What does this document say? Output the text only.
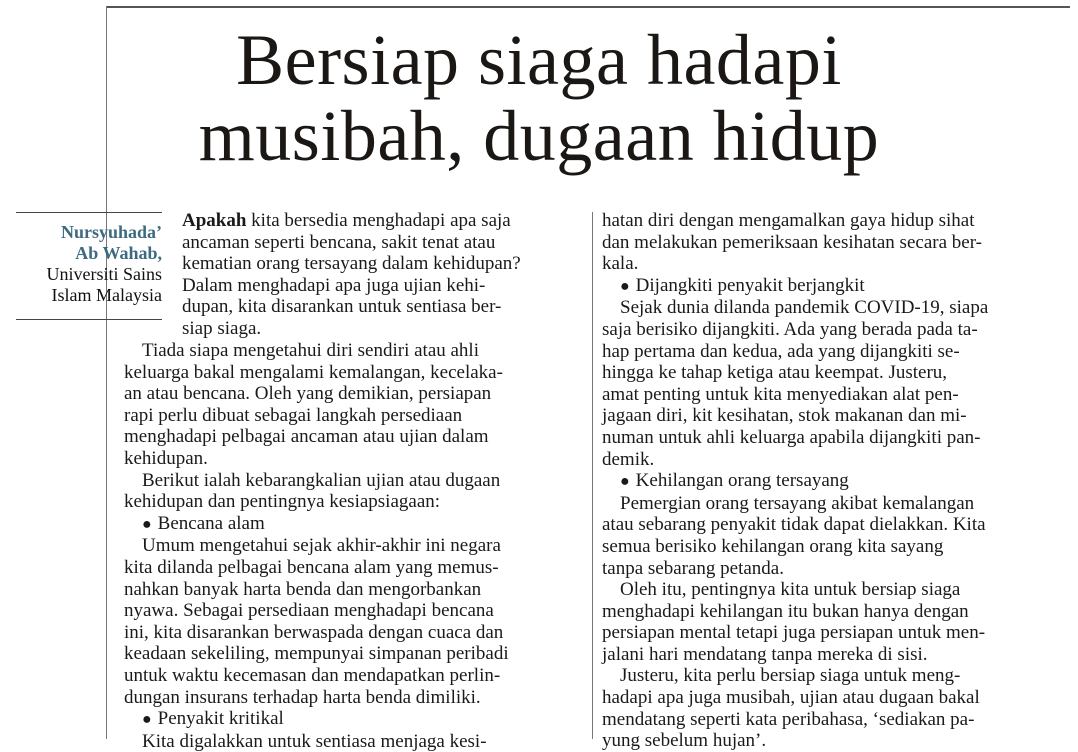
Bersiap siaga hadapi
musibah, dugaan hidup
Nursyuhada’
Ab Wahab,
Universiti Sains
Islam Malaysia

Apakah kita bersedia menghadapi apa saja

ancaman seperti bencana, sakit tenat atau

kematian orang tersayang dalam kehidupan?

Dalam menghadapi apa juga ujian kehi-

dupan, kita disarankan untuk sentiasa ber-

siap siaga.

Tiada siapa mengetahui diri sendiri atau ahli

keluarga bakal mengalami kemalangan, kecelaka-

an atau bencana. Oleh yang demikian, persiapan

rapi perlu dibuat sebagai langkah persediaan

menghadapi pelbagai ancaman atau ujian dalam

kehidupan.

Berikut ialah kebarangkalian ujian atau dugaan

kehidupan dan pentingnya kesiapsiagaan:

● Bencana alam

Umum mengetahui sejak akhir-akhir ini negara

kita dilanda pelbagai bencana alam yang memus-

nahkan banyak harta benda dan mengorbankan

nyawa. Sebagai persediaan menghadapi bencana

ini, kita disarankan berwaspada dengan cuaca dan

keadaan sekeliling, mempunyai simpanan peribadi

untuk waktu kecemasan dan mendapatkan perlin-

dungan insurans terhadap harta benda dimiliki.

● Penyakit kritikal

Kita digalakkan untuk sentiasa menjaga kesi-

hatan diri dengan mengamalkan gaya hidup sihat

dan melakukan pemeriksaan kesihatan secara ber-

kala.

● Dijangkiti penyakit berjangkit

Sejak dunia dilanda pandemik COVID-19, siapa

saja berisiko dijangkiti. Ada yang berada pada ta-

hap pertama dan kedua, ada yang dijangkiti se-

hingga ke tahap ketiga atau keempat. Justeru,

amat penting untuk kita menyediakan alat pen-

jagaan diri, kit kesihatan, stok makanan dan mi-

numan untuk ahli keluarga apabila dijangkiti pan-

demik.

● Kehilangan orang tersayang

Pemergian orang tersayang akibat kemalangan

atau sebarang penyakit tidak dapat dielakkan. Kita

semua berisiko kehilangan orang kita sayang

tanpa sebarang petanda.

Oleh itu, pentingnya kita untuk bersiap siaga

menghadapi kehilangan itu bukan hanya dengan

persiapan mental tetapi juga persiapan untuk men-

jalani hari mendatang tanpa mereka di sisi.

Justeru, kita perlu bersiap siaga untuk meng-

hadapi apa juga musibah, ujian atau dugaan bakal

mendatang seperti kata peribahasa, ‘sediakan pa-

yung sebelum hujan’.
